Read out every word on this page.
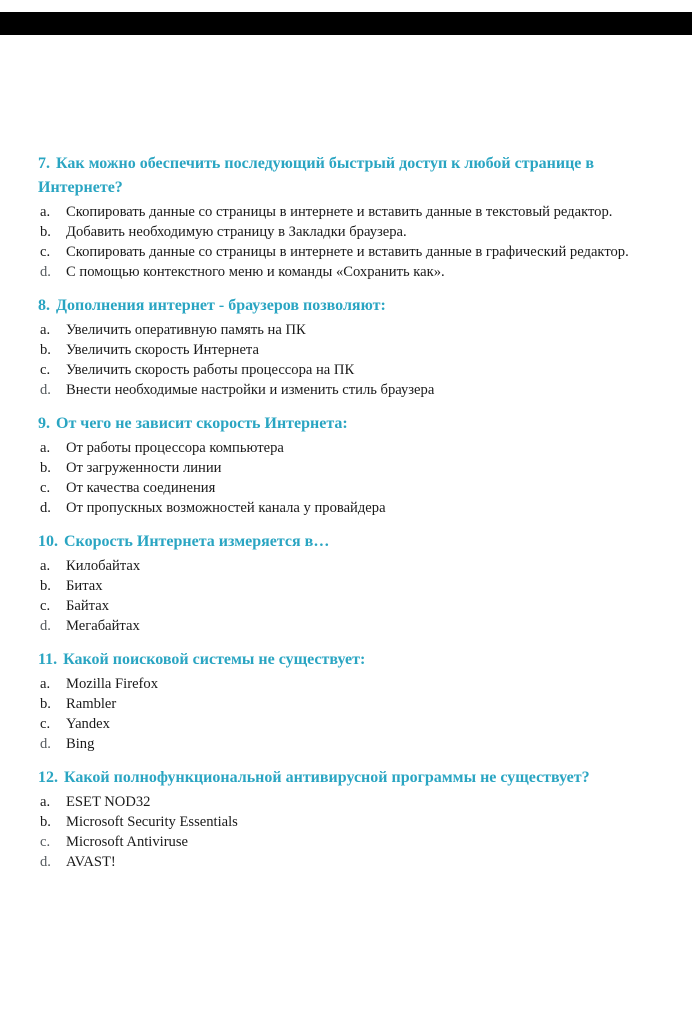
7. Как можно обеспечить последующий быстрый доступ к любой странице в Интернете?

a. Скопировать данные со страницы в интернете и вставить данные в текстовый редактор.
b. Добавить необходимую страницу в Закладки браузера.
c. Скопировать данные со страницы в интернете и вставить данные в графический редактор.
d. С помощью контекстного меню и команды «Сохранить как».

8. Дополнения интернет - браузеров позволяют:

a. Увеличить оперативную память на ПК
b. Увеличить скорость Интернета
c. Увеличить скорость работы процессора на ПК
d. Внести необходимые настройки и изменить стиль браузера

9. От чего не зависит скорость Интернета:

a. От работы процессора компьютера
b. От загруженности линии
c. От качества соединения
d. От пропускных возможностей канала у провайдера

10. Скорость Интернета измеряется в…

a. Килобайтах
b. Битах
c. Байтах
d. Мегабайтах

11. Какой поисковой системы не существует:

a. Mozilla Firefox
b. Rambler
c. Yandex
d. Bing

12. Какой полнофункциональной антивирусной программы не существует?

a. ESET NOD32
b. Microsoft Security Essentials
c. Microsoft Antiviruse
d. AVAST!
